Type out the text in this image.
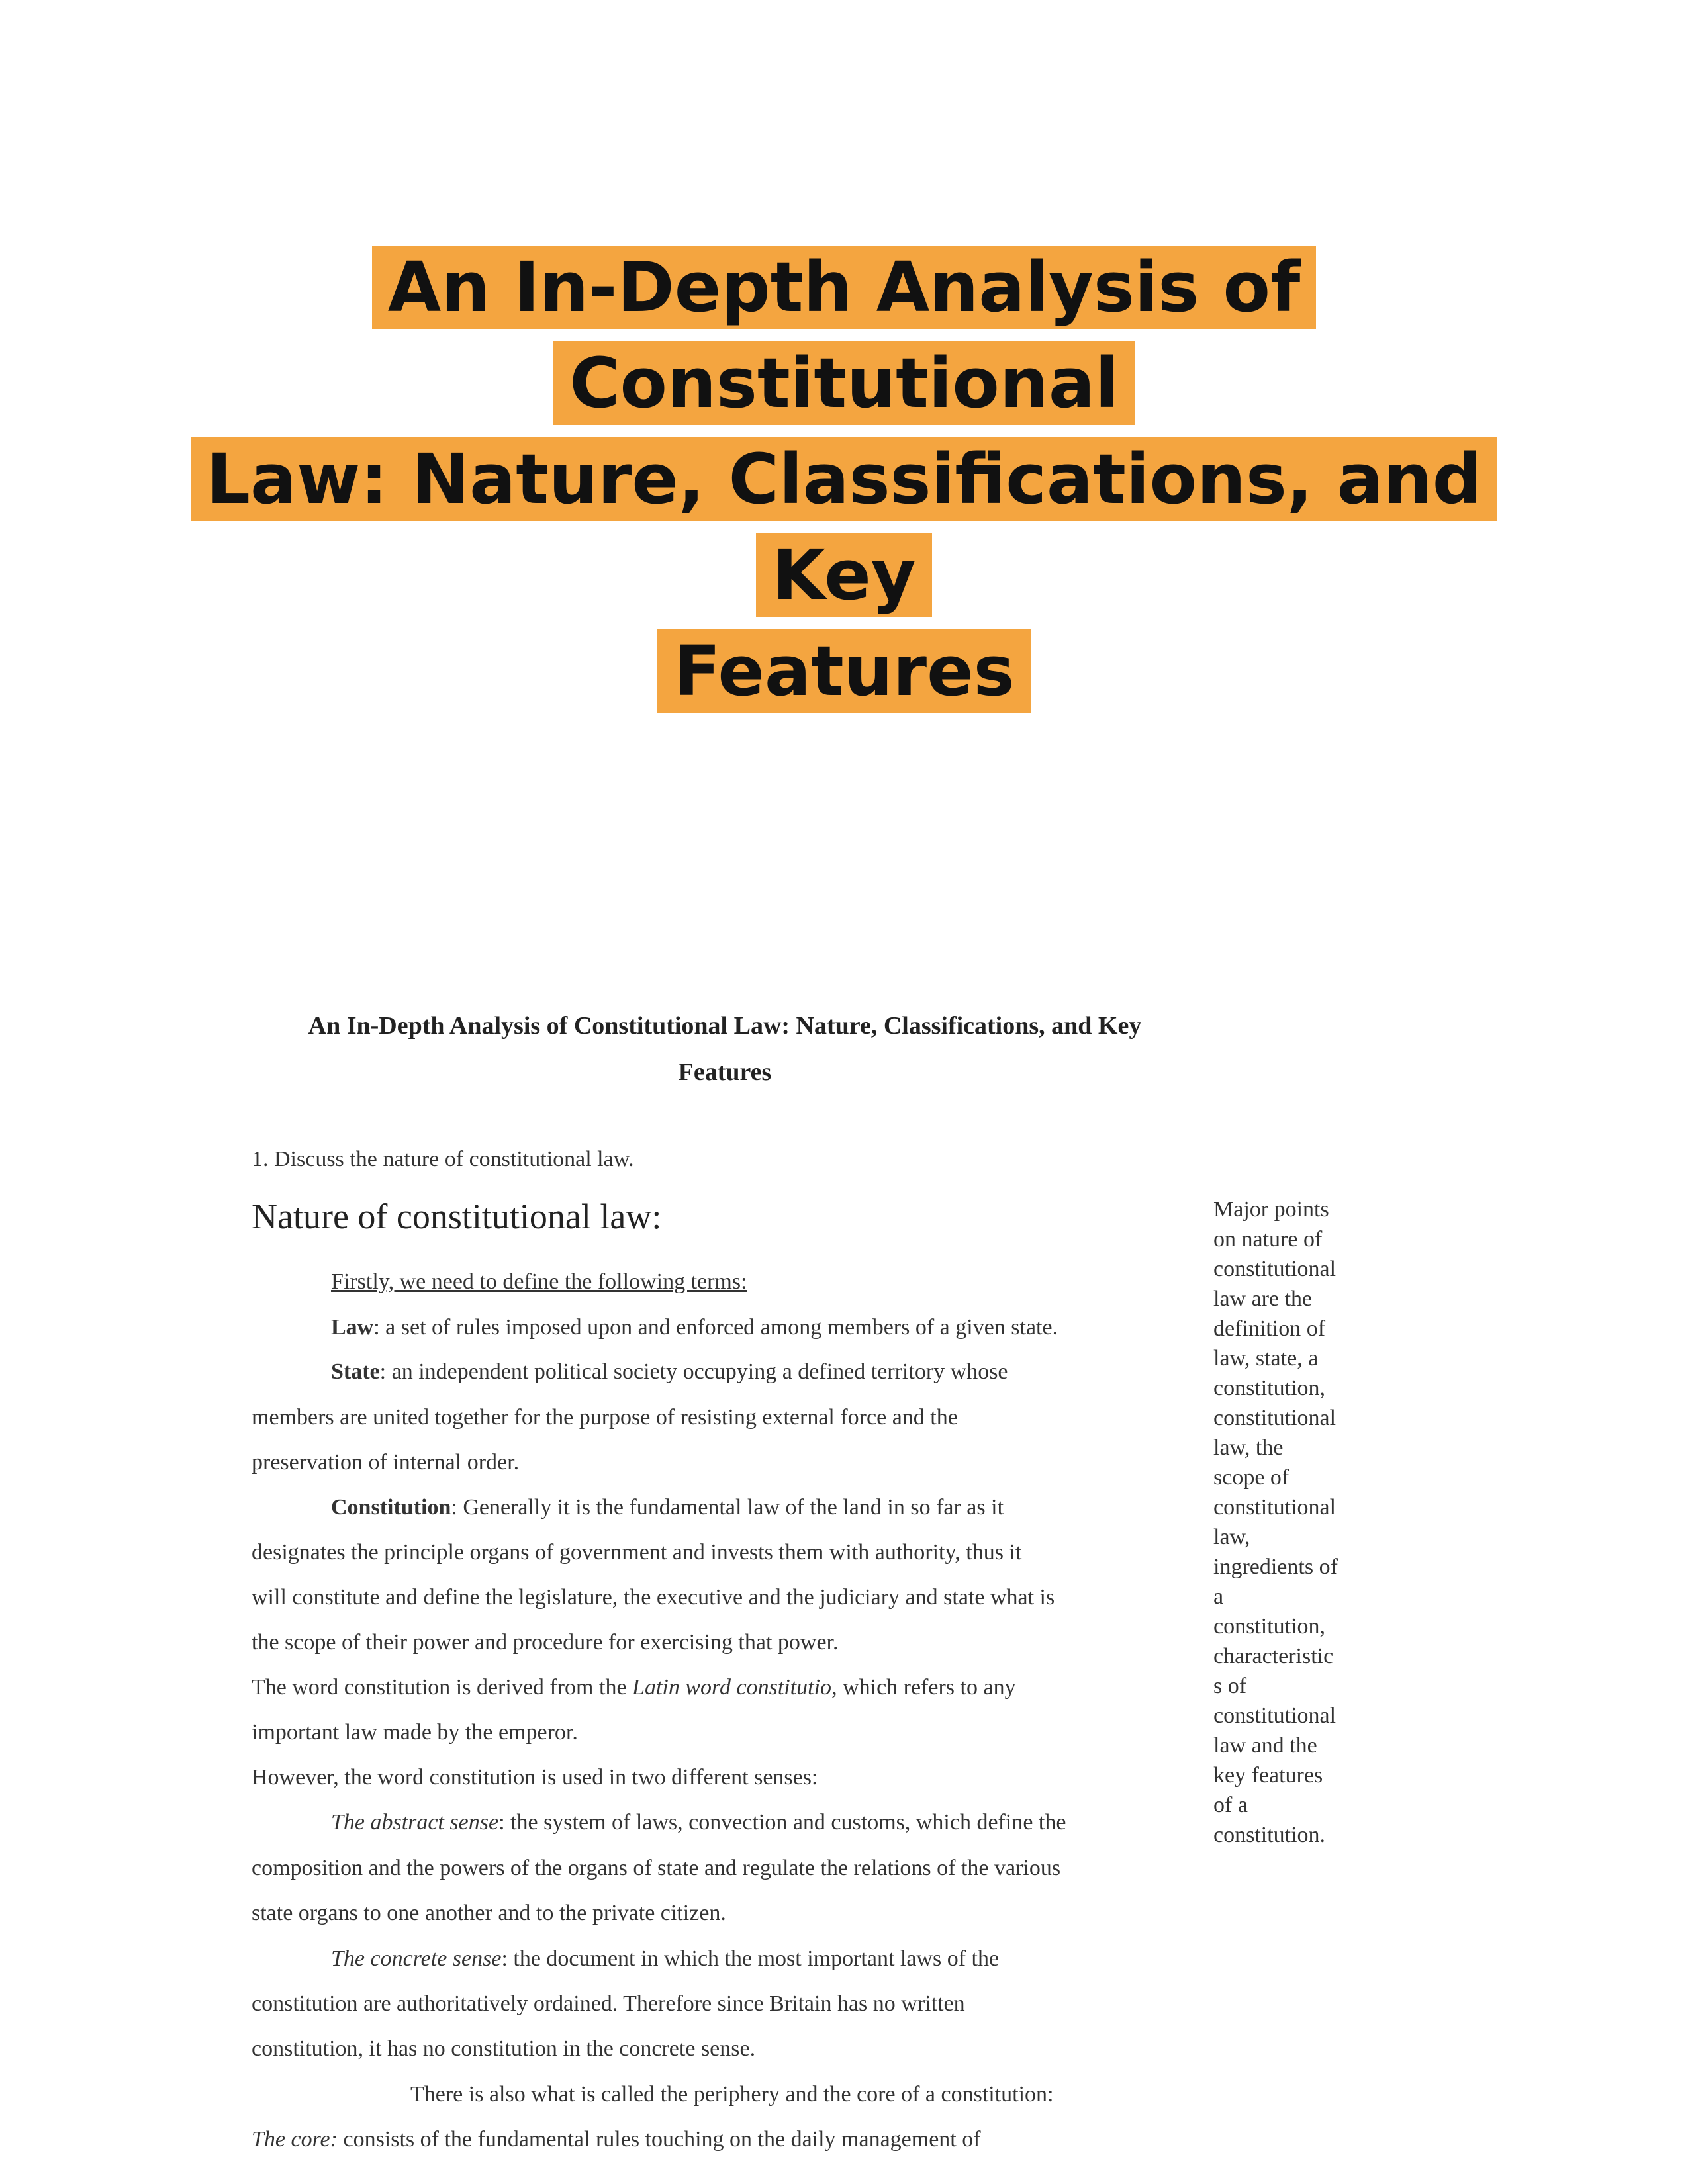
An In-Depth Analysis of Constitutional
Law: Nature, Classifications, and Key
Features
An In-Depth Analysis of Constitutional Law: Nature, Classifications, and Key
Features
1. Discuss the nature of constitutional law.
Nature of constitutional law:
Firstly, we need to define the following terms:
Law: a set of rules imposed upon and enforced among members of a given state.
State: an independent political society occupying a defined territory whose
members are united together for the purpose of resisting external force and the
preservation of internal order.
Constitution: Generally it is the fundamental law of the land in so far as it
designates the principle organs of government and invests them with authority, thus it
will constitute and define the legislature, the executive and the judiciary and state what is
the scope of their power and procedure for exercising that power.
The word constitution is derived from the Latin word constitutio, which refers to any
important law made by the emperor.
However, the word constitution is used in two different senses:
The abstract sense: the system of laws, convection and customs, which define the
composition and the powers of the organs of state and regulate the relations of the various
state organs to one another and to the private citizen.
The concrete sense: the document in which the most important laws of the
constitution are authoritatively ordained. Therefore since Britain has no written
constitution, it has no constitution in the concrete sense.
There is also what is called the periphery and the core of a constitution:
The core: consists of the fundamental rules touching on the daily management of
Major points
on nature of
constitutional
law are the
definition of
law, state, a
constitution,
constitutional
law, the
scope of
constitutional
law,
ingredients of
a
constitution,
characteristic
s of
constitutional
law and the
key features
of a
constitution.
